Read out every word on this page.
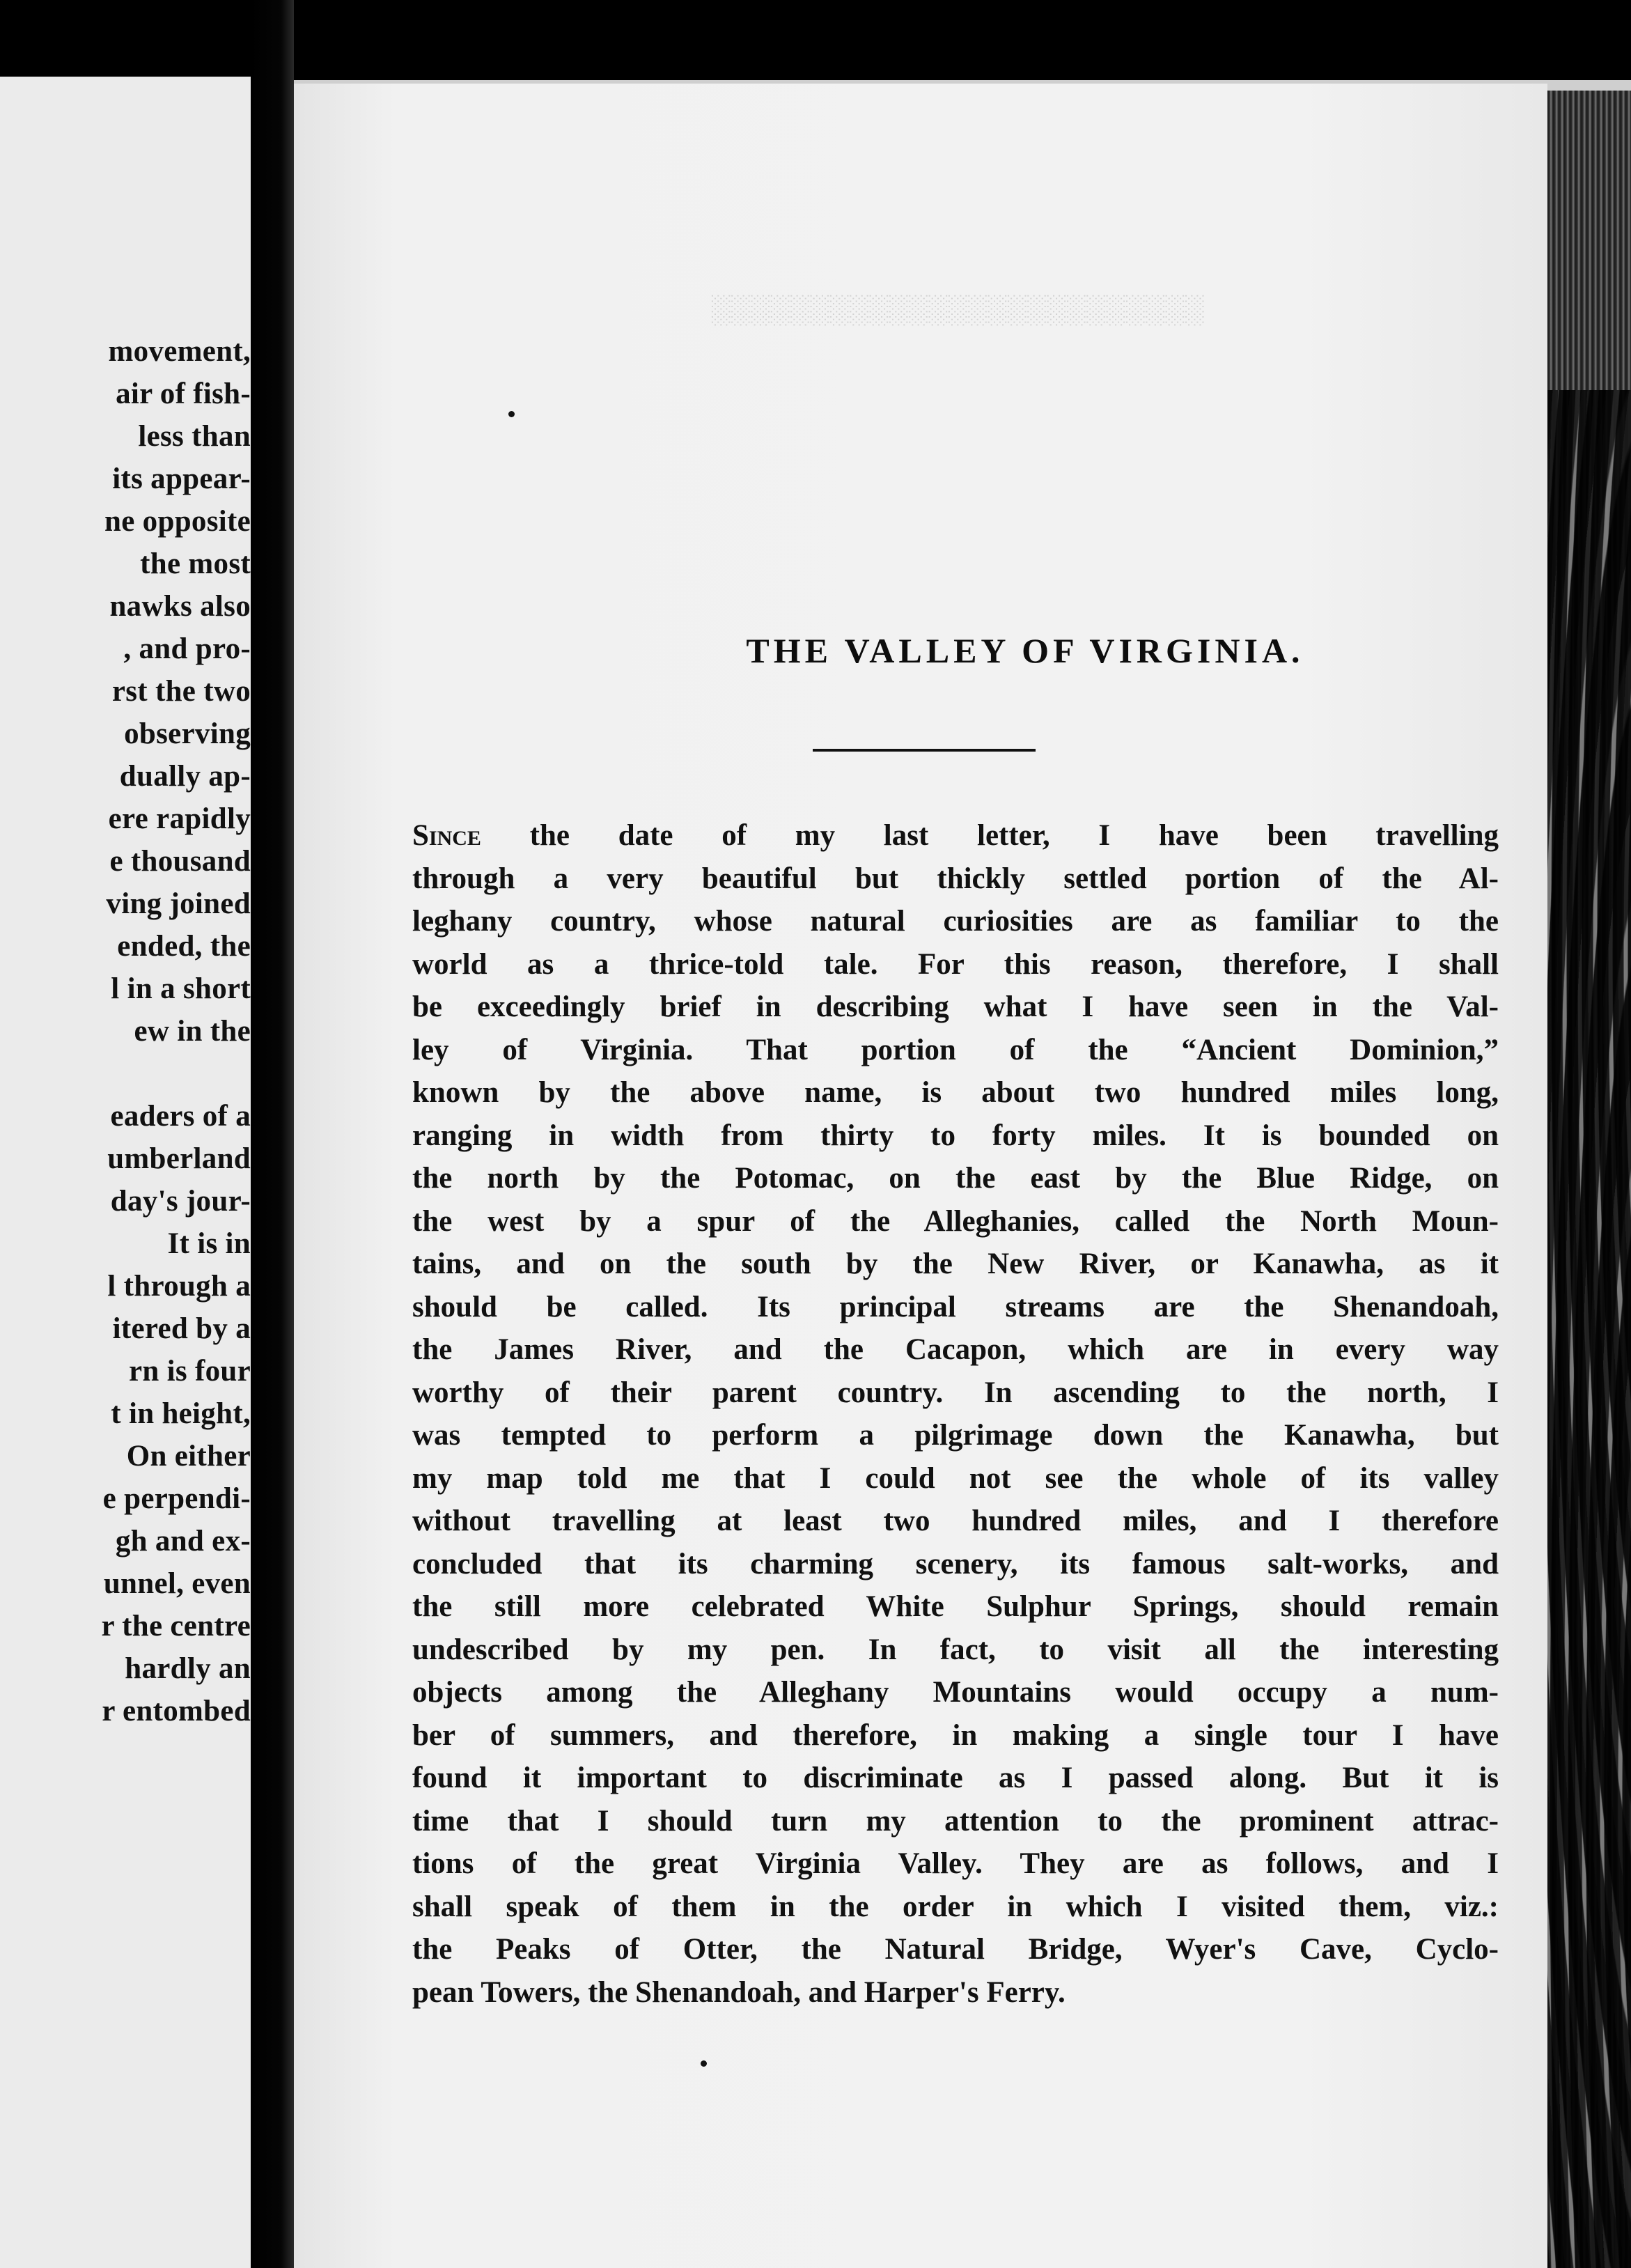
movement,
air of fish-
less than
its appear-
ne opposite
the most
nawks also
, and pro-
rst the two
observing
dually ap-
ere rapidly
e thousand
ving joined
ended, the
l in a short
ew in the
eaders of a
umberland
day's jour-
It is in
l through a
itered by a
rn is four
t in height,
On either
e perpendi-
gh and ex-
unnel, even
r the centre
hardly an
r entombed
░░░░░░░░░░░░░░░░░░░░░░░░░
THE VALLEY OF VIRGINIA.
Since the date of my last letter, I have been travelling
through a very beautiful but thickly settled portion of the Al-
leghany country, whose natural curiosities are as familiar to the
world as a thrice-told tale. For this reason, therefore, I shall
be exceedingly brief in describing what I have seen in the Val-
ley of Virginia. That portion of the “Ancient Dominion,”
known by the above name, is about two hundred miles long,
ranging in width from thirty to forty miles. It is bounded on
the north by the Potomac, on the east by the Blue Ridge, on
the west by a spur of the Alleghanies, called the North Moun-
tains, and on the south by the New River, or Kanawha, as it
should be called. Its principal streams are the Shenandoah,
the James River, and the Cacapon, which are in every way
worthy of their parent country. In ascending to the north, I
was tempted to perform a pilgrimage down the Kanawha, but
my map told me that I could not see the whole of its valley
without travelling at least two hundred miles, and I therefore
concluded that its charming scenery, its famous salt-works, and
the still more celebrated White Sulphur Springs, should remain
undescribed by my pen. In fact, to visit all the interesting
objects among the Alleghany Mountains would occupy a num-
ber of summers, and therefore, in making a single tour I have
found it important to discriminate as I passed along. But it is
time that I should turn my attention to the prominent attrac-
tions of the great Virginia Valley. They are as follows, and I
shall speak of them in the order in which I visited them, viz.:
the Peaks of Otter, the Natural Bridge, Wyer's Cave, Cyclo-
pean Towers, the Shenandoah, and Harper's Ferry.
